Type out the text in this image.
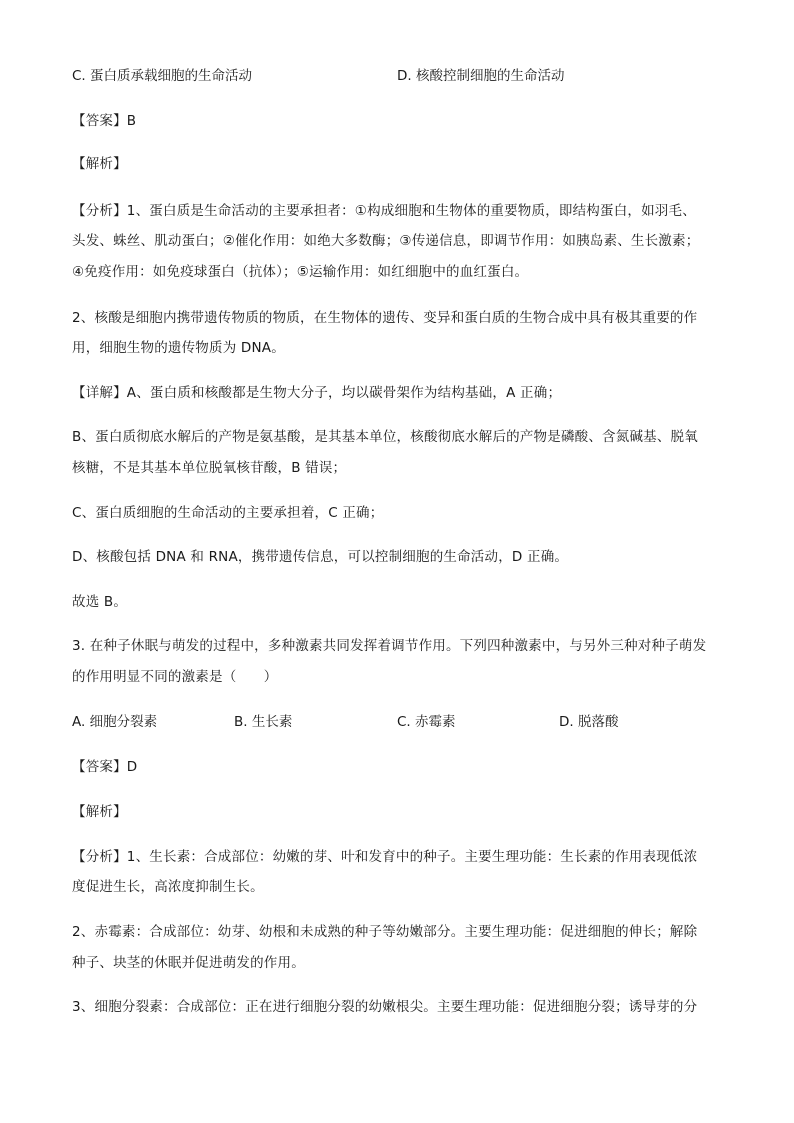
C. 蛋白质承载细胞的生命活动	D. 核酸控制细胞的生命活动
【答案】B
【解析】
【分析】1、蛋白质是生命活动的主要承担者：①构成细胞和生物体的重要物质，即结构蛋白，如羽毛、
头发、蛛丝、肌动蛋白；②催化作用：如绝大多数酶；③传递信息，即调节作用：如胰岛素、生长激素；
④免疫作用：如免疫球蛋白（抗体）；⑤运输作用：如红细胞中的血红蛋白。
2、核酸是细胞内携带遗传物质的物质，在生物体的遗传、变异和蛋白质的生物合成中具有极其重要的作
用，细胞生物的遗传物质为 DNA。
【详解】A、蛋白质和核酸都是生物大分子，均以碳骨架作为结构基础，A 正确；
B、蛋白质彻底水解后的产物是氨基酸，是其基本单位，核酸彻底水解后的产物是磷酸、含氮碱基、脱氧
核糖，不是其基本单位脱氧核苷酸，B 错误；
C、蛋白质细胞的生命活动的主要承担着，C 正确；
D、核酸包括 DNA 和 RNA，携带遗传信息，可以控制细胞的生命活动，D 正确。
故选 B。
3. 在种子休眠与萌发的过程中，多种激素共同发挥着调节作用。下列四种激素中，与另外三种对种子萌发
的作用明显不同的激素是（　　）
A. 细胞分裂素	B. 生长素	C. 赤霉素	D. 脱落酸
【答案】D
【解析】
【分析】1、生长素：合成部位：幼嫩的芽、叶和发育中的种子。主要生理功能：生长素的作用表现低浓
度促进生长，高浓度抑制生长。
2、赤霉素：合成部位：幼芽、幼根和未成熟的种子等幼嫩部分。主要生理功能：促进细胞的伸长；解除
种子、块茎的休眠并促进萌发的作用。
3、细胞分裂素：合成部位：正在进行细胞分裂的幼嫩根尖。主要生理功能：促进细胞分裂；诱导芽的分
